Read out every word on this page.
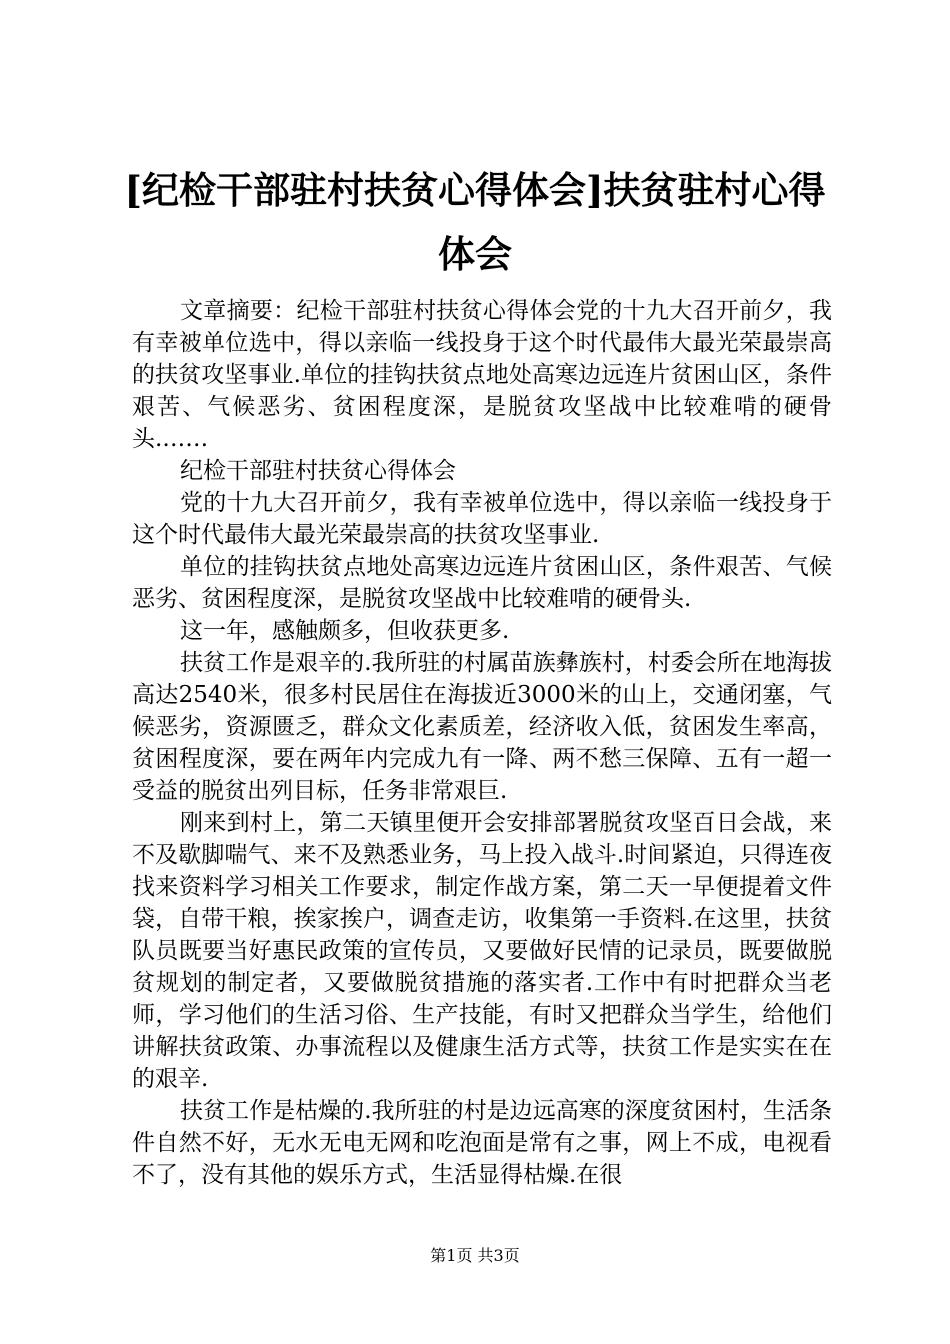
[纪检干部驻村扶贫心得体会]扶贫驻村心得体会

文章摘要：纪检干部驻村扶贫心得体会党的十九大召开前夕，我有幸被单位选中，得以亲临一线投身于这个时代最伟大最光荣最崇高的扶贫攻坚事业.单位的挂钩扶贫点地处高寒边远连片贫困山区，条件艰苦、气候恶劣、贫困程度深，是脱贫攻坚战中比较难啃的硬骨头.……

纪检干部驻村扶贫心得体会

党的十九大召开前夕，我有幸被单位选中，得以亲临一线投身于这个时代最伟大最光荣最崇高的扶贫攻坚事业.

单位的挂钩扶贫点地处高寒边远连片贫困山区，条件艰苦、气候恶劣、贫困程度深，是脱贫攻坚战中比较难啃的硬骨头.

这一年，感触颇多，但收获更多.

扶贫工作是艰辛的.我所驻的村属苗族彝族村，村委会所在地海拔高达2540米，很多村民居住在海拔近3000米的山上，交通闭塞，气候恶劣，资源匮乏，群众文化素质差，经济收入低，贫困发生率高，贫困程度深，要在两年内完成九有一降、两不愁三保障、五有一超一受益的脱贫出列目标，任务非常艰巨.

刚来到村上，第二天镇里便开会安排部署脱贫攻坚百日会战，来不及歇脚喘气、来不及熟悉业务，马上投入战斗.时间紧迫，只得连夜找来资料学习相关工作要求，制定作战方案，第二天一早便提着文件袋，自带干粮，挨家挨户，调查走访，收集第一手资料.在这里，扶贫队员既要当好惠民政策的宣传员，又要做好民情的记录员，既要做脱贫规划的制定者，又要做脱贫措施的落实者.工作中有时把群众当老师，学习他们的生活习俗、生产技能，有时又把群众当学生，给他们讲解扶贫政策、办事流程以及健康生活方式等，扶贫工作是实实在在的艰辛.

扶贫工作是枯燥的.我所驻的村是边远高寒的深度贫困村，生活条件自然不好，无水无电无网和吃泡面是常有之事，网上不成，电视看不了，没有其他的娱乐方式，生活显得枯燥.在很

第1页 共3页
